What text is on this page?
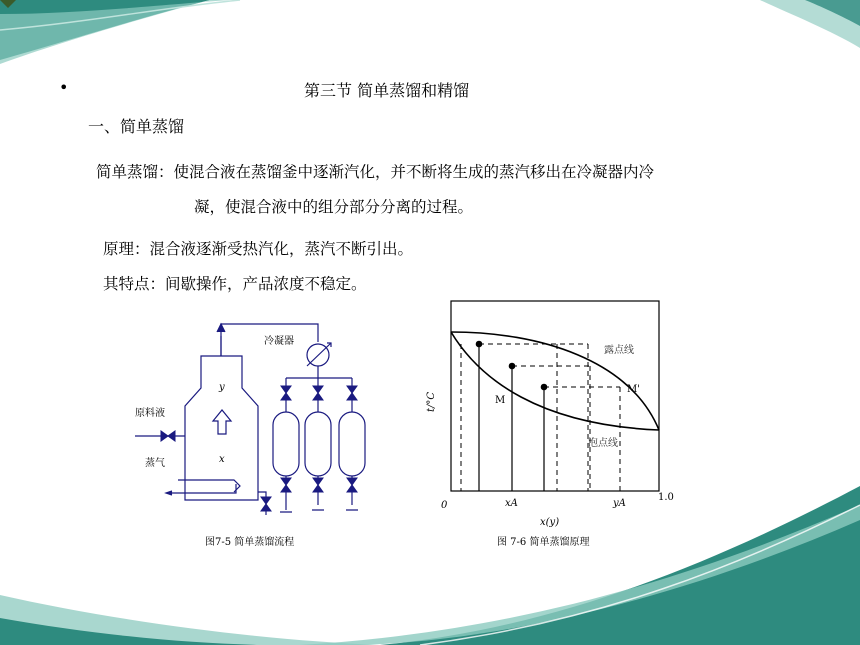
•	第三节 简单蒸馏和精馏
一、简单蒸馏
简单蒸馏：使混合液在蒸馏釜中逐渐汽化，并不断将生成的蒸汽移出在冷凝器内冷
凝，使混合液中的组分部分分离的过程。
原理：混合液逐渐受热汽化，蒸汽不断引出。
其特点：间歇操作，产品浓度不稳定。
冷凝器
原料液
蒸气
y
x
图7-5 简单蒸馏流程
露点线
泡点线
M
M'
t/°C
0	xA	yA
1.0
x(y)
图 7-6 简单蒸馏原理
